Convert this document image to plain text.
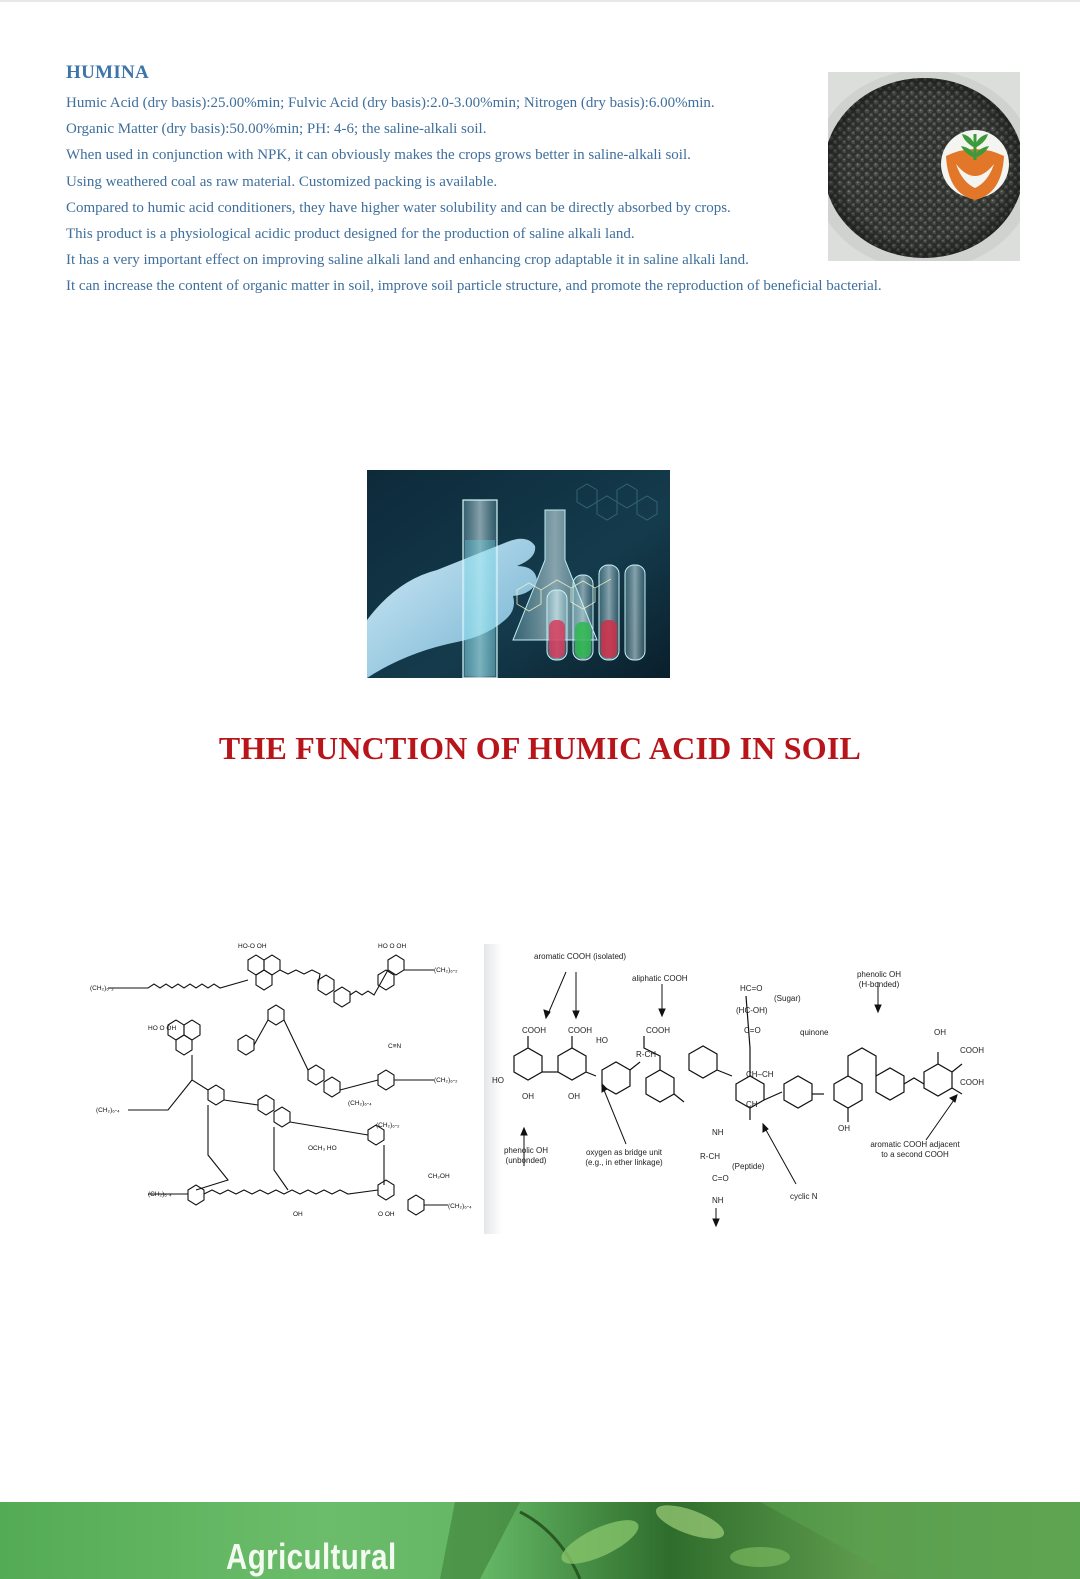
HUMINA

Humic Acid (dry basis):25.00%min; Fulvic Acid (dry basis):2.0-3.00%min; Nitrogen (dry basis):6.00%min.

Organic Matter (dry basis):50.00%min; PH: 4-6; the saline-alkali soil.

When used in conjunction with NPK, it can obviously makes the crops grows better in saline-alkali soil.

Using weathered coal as raw material. Customized packing is available.

Compared to humic acid conditioners, they have higher water solubility and can be directly absorbed by crops.

This product is a physiological acidic product designed for the production of saline alkali land.

It has a very important effect on improving saline alkali land and enhancing crop adaptable it in saline alkali land.

It can increase the content of organic matter in soil, improve soil particle structure, and promote the reproduction of beneficial bacterial.

THE FUNCTION OF HUMIC ACID IN SOIL
(CH₂)₆-₃
HO-O OH	HO O OH
(CH₂)₆-₂
(CH₂)₆-₂
HO O OH
(CH₂)₆-₄
(CH₂)₆-₄
(CH₂)₆-₄
CH₂OH
(CH₂)₆-₄
(CH₂)₆-₂
C≡N
OCH₃ HO
OH	O OH
aromatic COOH (isolated)
aliphatic COOH
(Sugar)
quinone
phenolic OH
(H-bonded)
phenolic OH
(unbonded)
oxygen as bridge unit
(e.g., in ether linkage)	(Peptide)
cyclic N
aromatic COOH adjacent
to a second COOH
COOH	COOH	COOH
COOH
COOH
HO
HO
OH	OH
OH
OH
R-CH
R-CH
HC=O
(HC-OH)
C=O
C=O
CH–CH
CH
NH
NH
Agricultural
